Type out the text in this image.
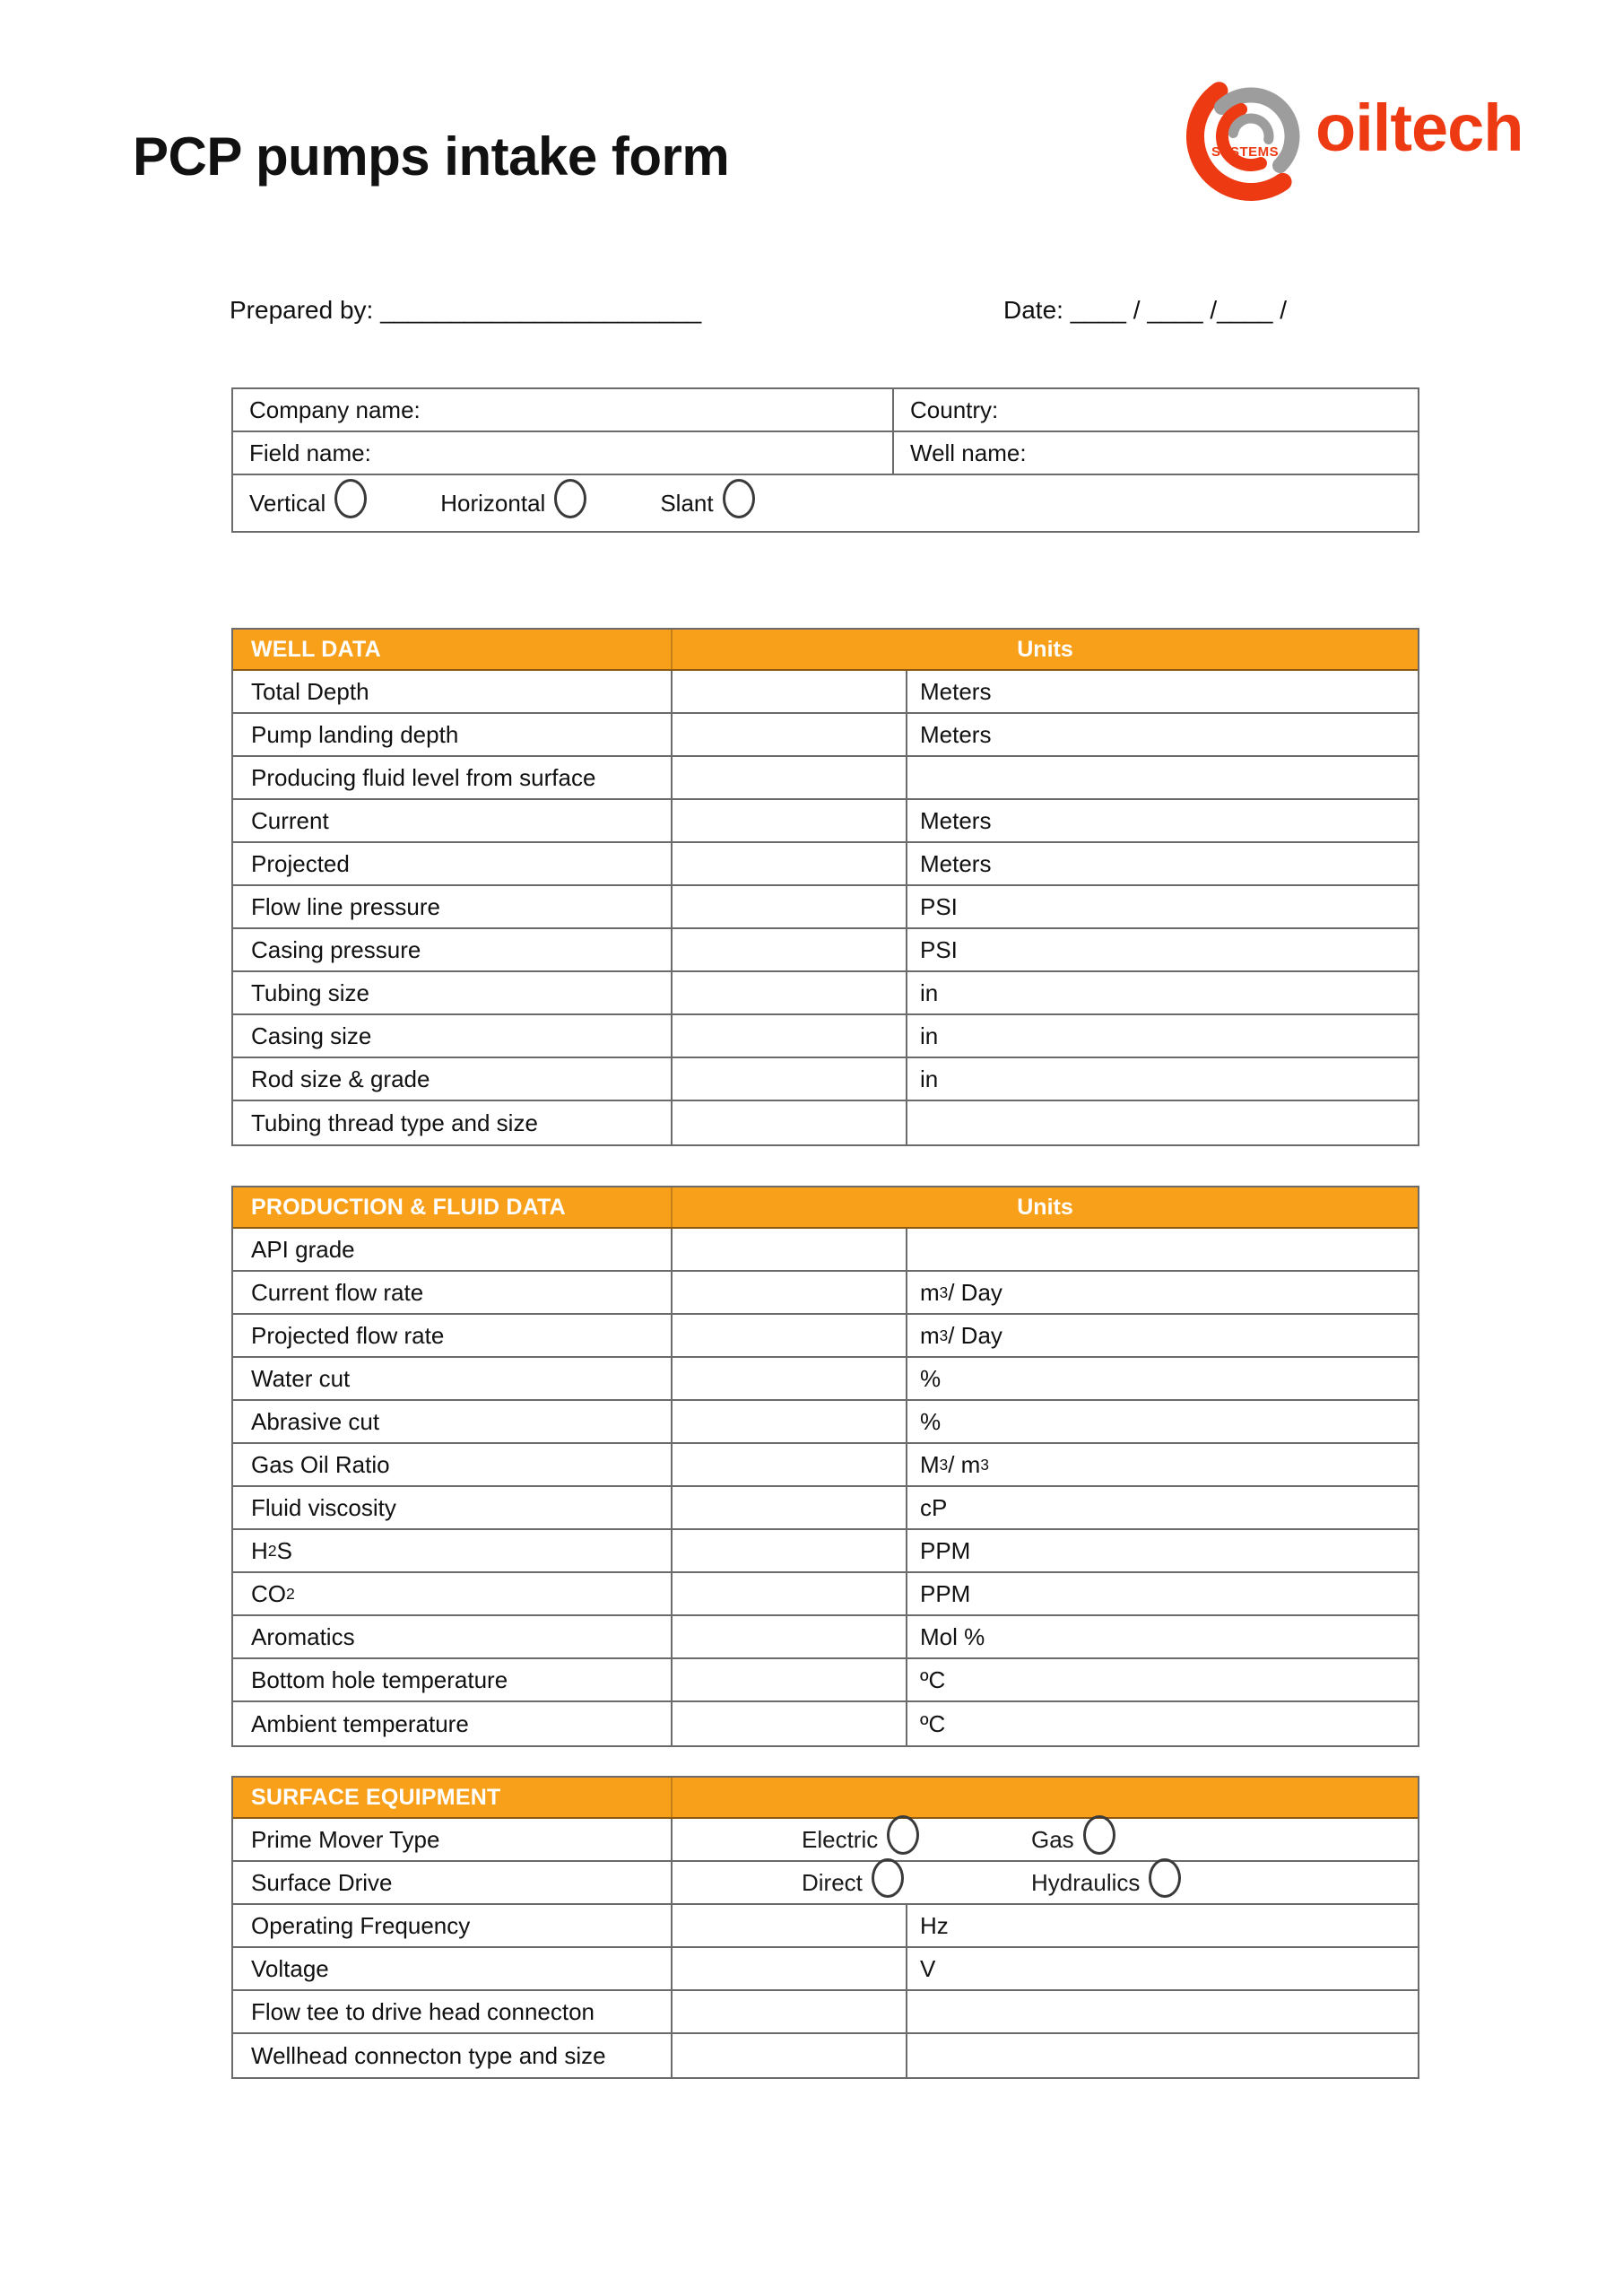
PCP pumps intake form	SYSTEMS oiltech
Prepared by: _______________________	Date: ____ / ____ /____ /
Company name:	Country:
Field name:	Well name:
Vertical	Horizontal	Slant
WELL DATA	Units
Total Depth	Meters
Pump landing depth	Meters
Producing fluid level from surface
Current	Meters
Projected	Meters
Flow line pressure	PSI
Casing pressure	PSI
Tubing size	in
Casing size	in
Rod size & grade	in
Tubing thread type and size
PRODUCTION & FLUID DATA	Units
API grade
Current flow rate	m 3 / Day
Projected flow rate	m 3 / Day
Water cut	%
Abrasive cut	%
Gas Oil Ratio	M 3 / m 3
Fluid viscosity	cP
H 2 S	PPM
CO 2	PPM
Aromatics	Mol %
Bottom hole temperature	ºC
Ambient temperature	ºC
SURFACE EQUIPMENT
Prime Mover Type	Electric	Gas
Surface Drive	Direct	Hydraulics
Operating Frequency	Hz
Voltage	V
Flow tee to drive head connecton
Wellhead connecton type and size
